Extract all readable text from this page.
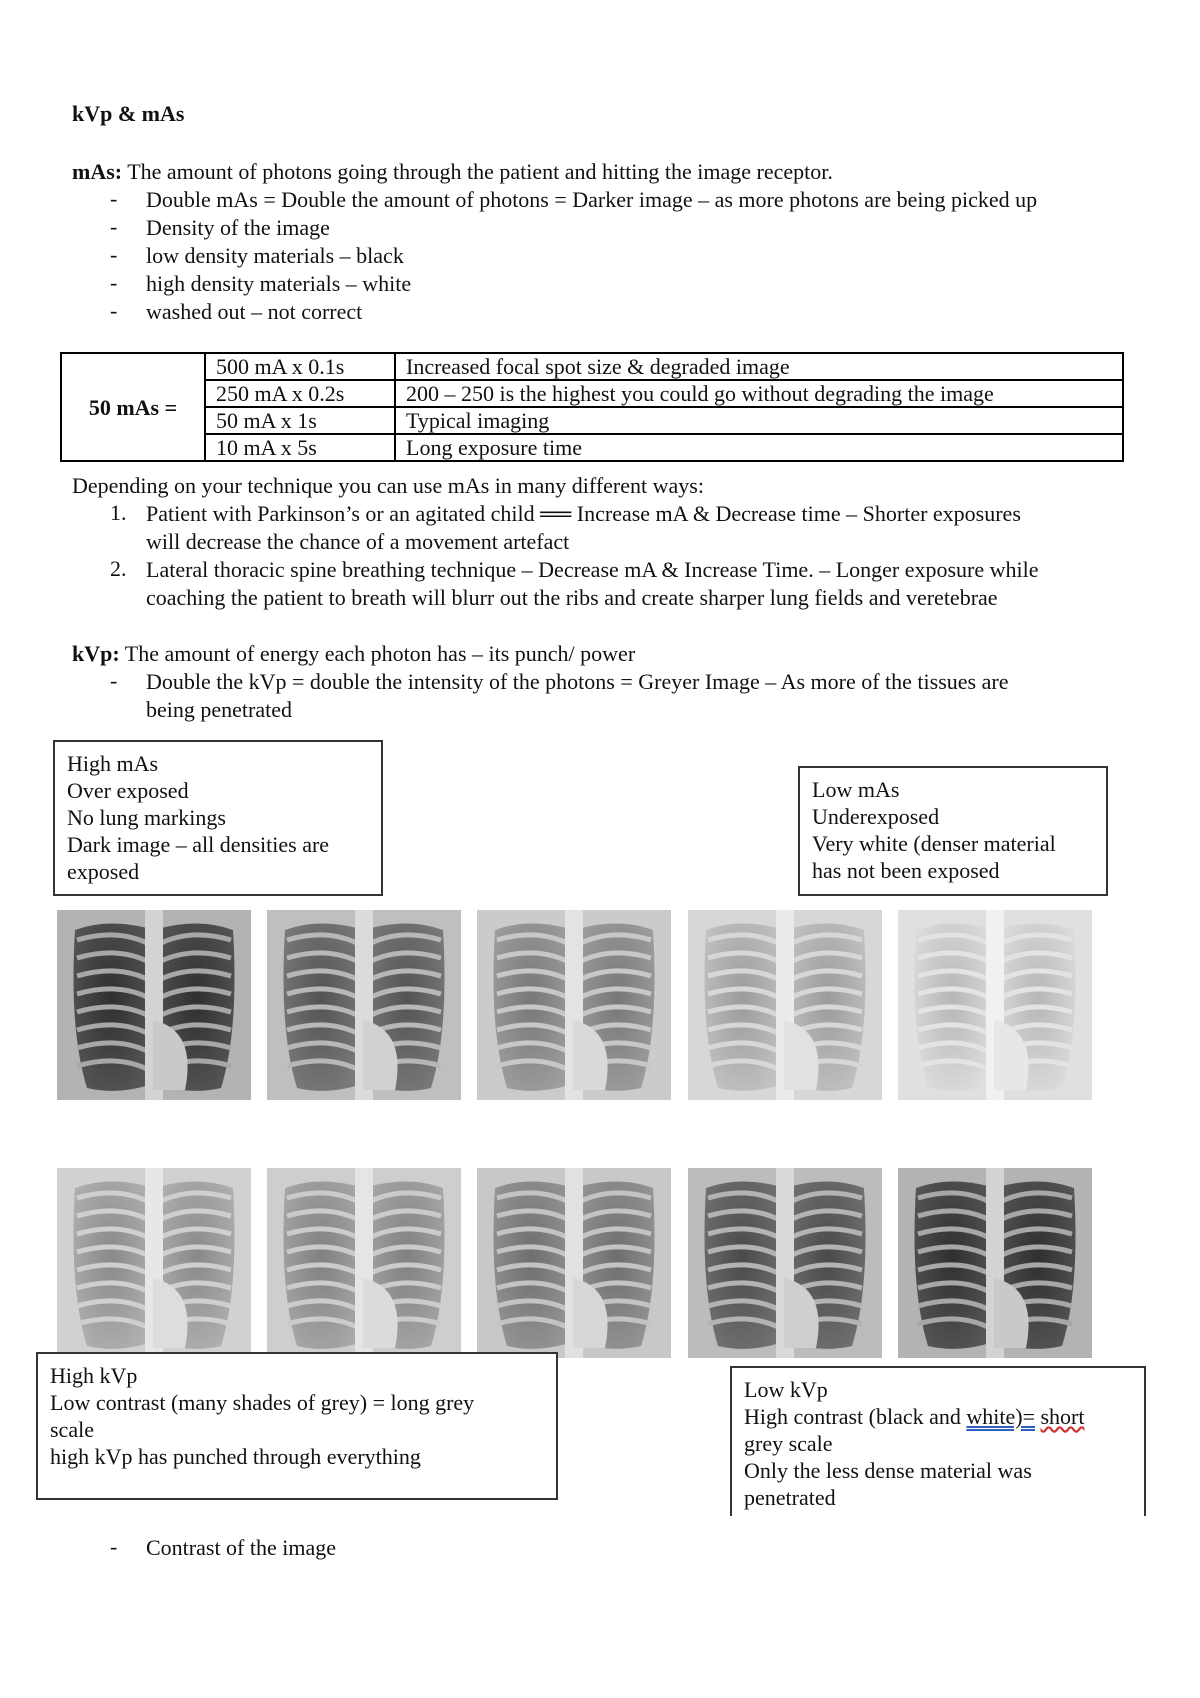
kVp & mAs
mAs: The amount of photons going through the patient and hitting the image receptor.
- Double mAs = Double the amount of photons = Darker image – as more photons are being picked up
- Density of the image
- low density materials – black
- high density materials – white
- washed out – not correct
50 mAs =	500 mA x 0.1s	Increased focal spot size & degraded image
	250 mA x 0.2s	200 – 250 is the highest you could go without degrading the image
	50 mA x 1s	Typical imaging
	10 mA x 5s	Long exposure time
Depending on your technique you can use mAs in many different ways:
1. Patient with Parkinson’s or an agitated child ══ Increase mA & Decrease time – Shorter exposures
will decrease the chance of a movement artefact
2. Lateral thoracic spine breathing technique – Decrease mA & Increase Time. – Longer exposure while
coaching the patient to breath will blurr out the ribs and create sharper lung fields and veretebrae
kVp: The amount of energy each photon has – its punch/ power
- Double the kVp = double the intensity of the photons = Greyer Image – As more of the tissues are
being penetrated
High mAs
Over exposed
No lung markings
Dark image – all densities are
exposed
Low mAs
Underexposed
Very white (denser material
has not been exposed
High kVp
Low contrast (many shades of grey) = long grey
scale
high kVp has punched through everything
Low kVp
High contrast (black and white)= short
grey scale
Only the less dense material was
penetrated
- Contrast of the image
